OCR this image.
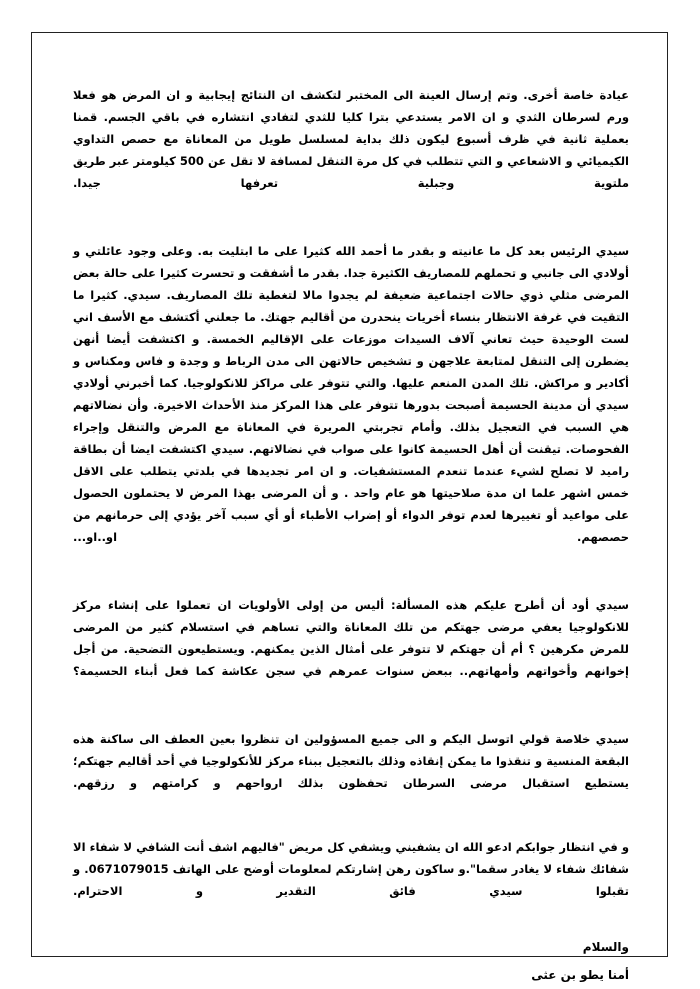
عيادة خاصة أخرى. وتم إرسال العينة الى المختبر لتكشف ان النتائج إيجابية و ان المرض هو فعلا ورم لسرطان الثدي و ان الامر يستدعي بترا كليا للثدي لتفادي انتشاره في باقي الجسم. قمنا بعملية ثانية في ظرف أسبوع ليكون ذلك بداية لمسلسل طويل من المعاناة مع حصص التداوي الكيميائي و الاشعاعي و التي تتطلب في كل مرة التنقل لمسافة لا تقل عن 500 كيلومتر عبر طريق ملتوية وجبلية تعرفها جيدا.

سيدي الرئيس بعد كل ما عانيته و بقدر ما أحمد الله كثيرا على ما ابتليت به. وعلى وجود عائلتي و أولادي الى جانبي و تحملهم للمصاريف الكثيرة جدا. بقدر ما أشفقت و تحسرت كثيرا على حالة بعض المرضى مثلي ذوي حالات اجتماعية ضعيفة لم يجدوا مالا لتغطية تلك المصاريف. سيدي. كثيرا ما التقيت في غرفة الانتظار بنساء أخريات ينحدرن من أقاليم جهتك. ما جعلني أكتشف مع الأسف اني لست الوحيدة حيث تعاني آلاف السيدات موزعات على الإقاليم الخمسة. و اكتشفت أيضا أنهن يضطرن إلى التنقل لمتابعة علاجهن و تشخيص حالاتهن الى مدن الرباط و وجدة و فاس ومكناس و أكادير و مراكش. تلك المدن المنعم عليها. والتي تتوفر على مراكز للانكولوجيا. كما أخبرني أولادي سيدي أن مدينة الحسيمة أصبحت بدورها تتوفر على هذا المركز منذ الأحداث الاخيرة. وأن نضالاتهم هي السبب في التعجيل بذلك. وأمام تجربتي المريرة في المعاناة مع المرض والتنقل وإجراء الفحوصات. تيقنت أن أهل الحسيمة كانوا على صواب في نضالاتهم. سيدي اكتشفت ايضا أن بطاقة راميد لا تصلح لشيء عندما تنعدم المستشفيات. و ان امر تجديدها في بلدتي يتطلب على الاقل خمس اشهر علما ان مدة صلاحيتها هو عام واحد . و أن المرضى بهذا المرض لا يحتملون الحصول على مواعيد أو تغييرها لعدم توفر الدواء أو إضراب الأطباء أو أي سبب آخر يؤدي إلى حرمانهم من حصصهم. او..او...

سيدي أود أن أطرح عليكم هذه المسألة: أليس من إولى الأولويات ان تعملوا على إنشاء مركز للانكولوجيا يعفي مرضى جهتكم من تلك المعاناة والتي تساهم في استسلام كثير من المرضى للمرض مكرهين ؟ أم أن جهتكم لا تتوفر على أمثال الذين يمكنهم. ويستطيعون التضحية. من أجل إخوانهم وأخواتهم وأمهاتهم.. ببعض سنوات عمرهم في سجن عكاشة كما فعل أبناء الحسيمة؟

سيدي خلاصة قولي اتوسل اليكم و الى جميع المسؤولين ان تنظروا بعين العطف الى ساكنة هذه البقعة المنسية و تنقذوا ما يمكن إنقاذه وذلك بالتعجيل ببناء مركز للأنكولوجيا في أحد أقاليم جهتكم؛ يستطيع استقبال مرضى السرطان تحفظون بذلك ارواحهم و كرامتهم و رزقهم.

و في انتظار جوابكم ادعو الله ان يشفيني ويشفي كل مريض "فاليهم اشف أنت الشافي لا شفاء الا شفائك شفاء لا يغادر سقما".و ساكون رهن إشارتكم لمعلومات أوضح على الهاتف 0671079015. و تقبلوا سيدي فائق التقدير و الاحترام.

والسلام
أمنا يطو بن عثى
